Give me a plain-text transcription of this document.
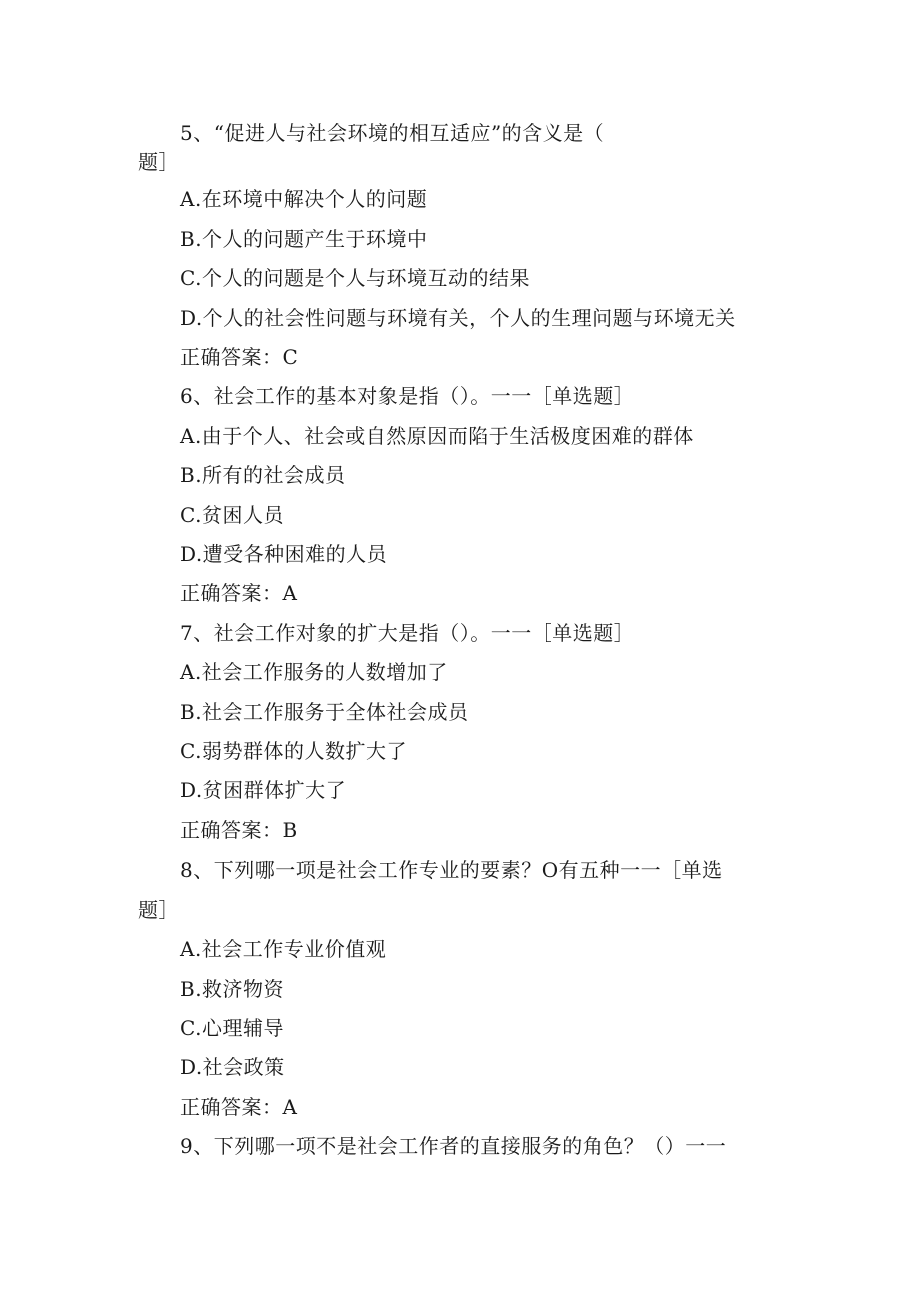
5、“促进人与社会环境的相互适应”的含义是（
题］
A.在环境中解决个人的问题
B.个人的问题产生于环境中
C.个人的问题是个人与环境互动的结果
D.个人的社会性问题与环境有关，个人的生理问题与环境无关
正确答案：C
6、社会工作的基本对象是指（）。一一［单选题］
A.由于个人、社会或自然原因而陷于生活极度困难的群体
B.所有的社会成员
C.贫困人员
D.遭受各种困难的人员
正确答案：A
7、社会工作对象的扩大是指（）。一一［单选题］
A.社会工作服务的人数增加了
B.社会工作服务于全体社会成员
C.弱势群体的人数扩大了
D.贫困群体扩大了
正确答案：B
8、下列哪一项是社会工作专业的要素？O有五种一一［单选
题］
A.社会工作专业价值观
B.救济物资
C.心理辅导
D.社会政策
正确答案：A
9、下列哪一项不是社会工作者的直接服务的角色？（）一一
